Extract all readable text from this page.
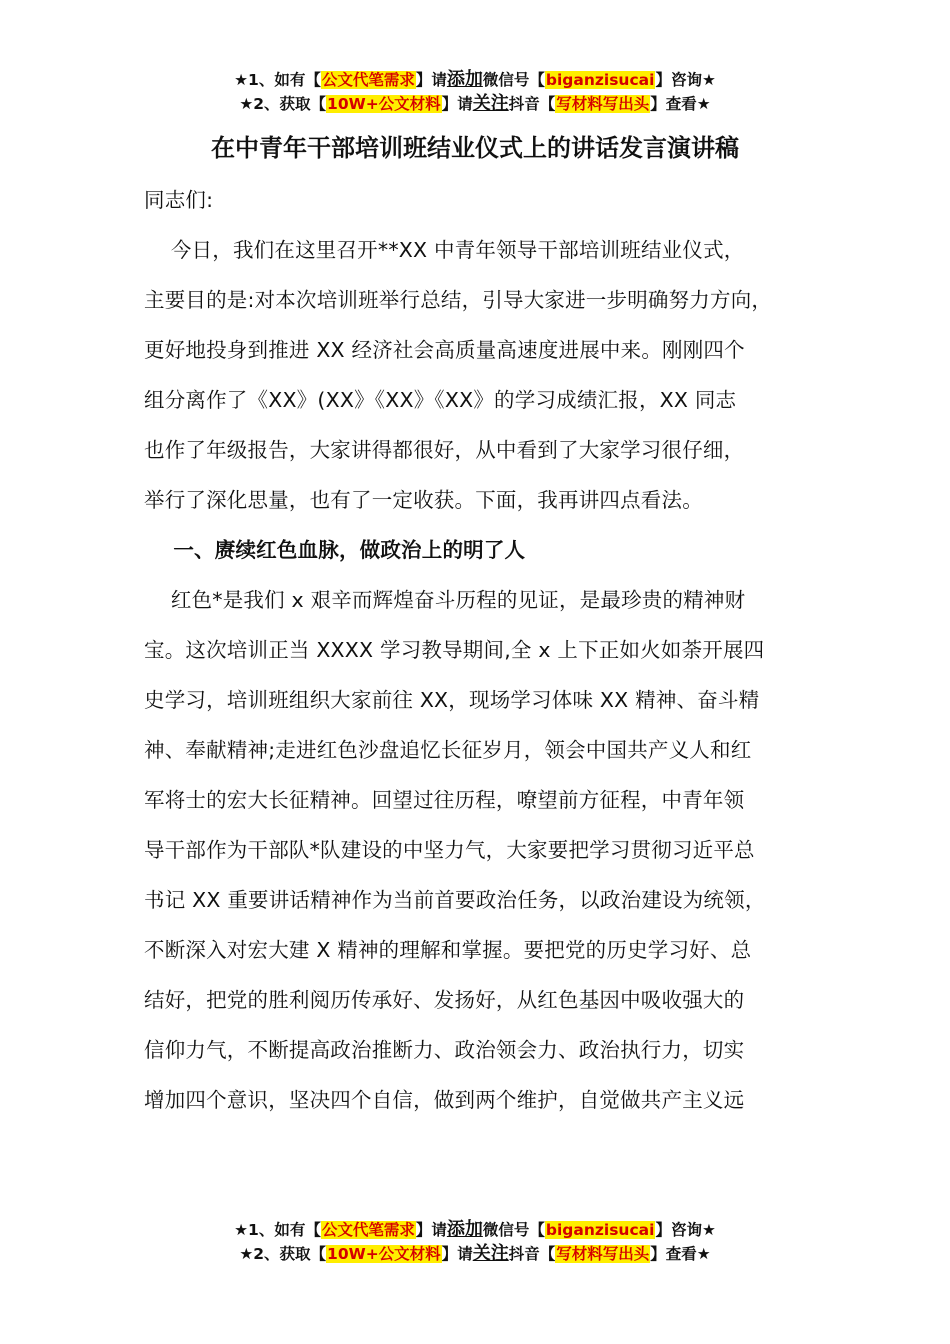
★1、如有【公文代笔需求】请添加微信号【biganzisucai】咨询★
★2、获取【10W+公文材料】请关注抖音【写材料写出头】查看★
在中青年干部培训班结业仪式上的讲话发言演讲稿
同志们:
今日，我们在这里召开**XX 中青年领导干部培训班结业仪式，
主要目的是:对本次培训班举行总结，引导大家进一步明确努力方向，
更好地投身到推进 XX 经济社会高质量高速度进展中来。刚刚四个
组分离作了《XX》(XX》《XX》《XX》的学习成绩汇报，XX 同志
也作了年级报告，大家讲得都很好，从中看到了大家学习很仔细，
举行了深化思量，也有了一定收获。下面，我再讲四点看法。
一、赓续红色血脉，做政治上的明了人
红色*是我们 x 艰辛而辉煌奋斗历程的见证，是最珍贵的精神财
宝。这次培训正当 XXXX 学习教导期间,全 x 上下正如火如荼开展四
史学习，培训班组织大家前往 XX，现场学习体味 XX 精神、奋斗精
神、奉献精神;走进红色沙盘追忆长征岁月，领会中国共产义人和红
军将士的宏大长征精神。回望过往历程，嘹望前方征程，中青年领
导干部作为干部队*队建设的中坚力气，大家要把学习贯彻习近平总
书记 XX 重要讲话精神作为当前首要政治任务，以政治建设为统领，
不断深入对宏大建 X 精神的理解和掌握。要把党的历史学习好、总
结好，把党的胜利阅历传承好、发扬好，从红色基因中吸收强大的
信仰力气，不断提高政治推断力、政治领会力、政治执行力，切实
增加四个意识，坚决四个自信，做到两个维护，自觉做共产主义远
★1、如有【公文代笔需求】请添加微信号【biganzisucai】咨询★
★2、获取【10W+公文材料】请关注抖音【写材料写出头】查看★
